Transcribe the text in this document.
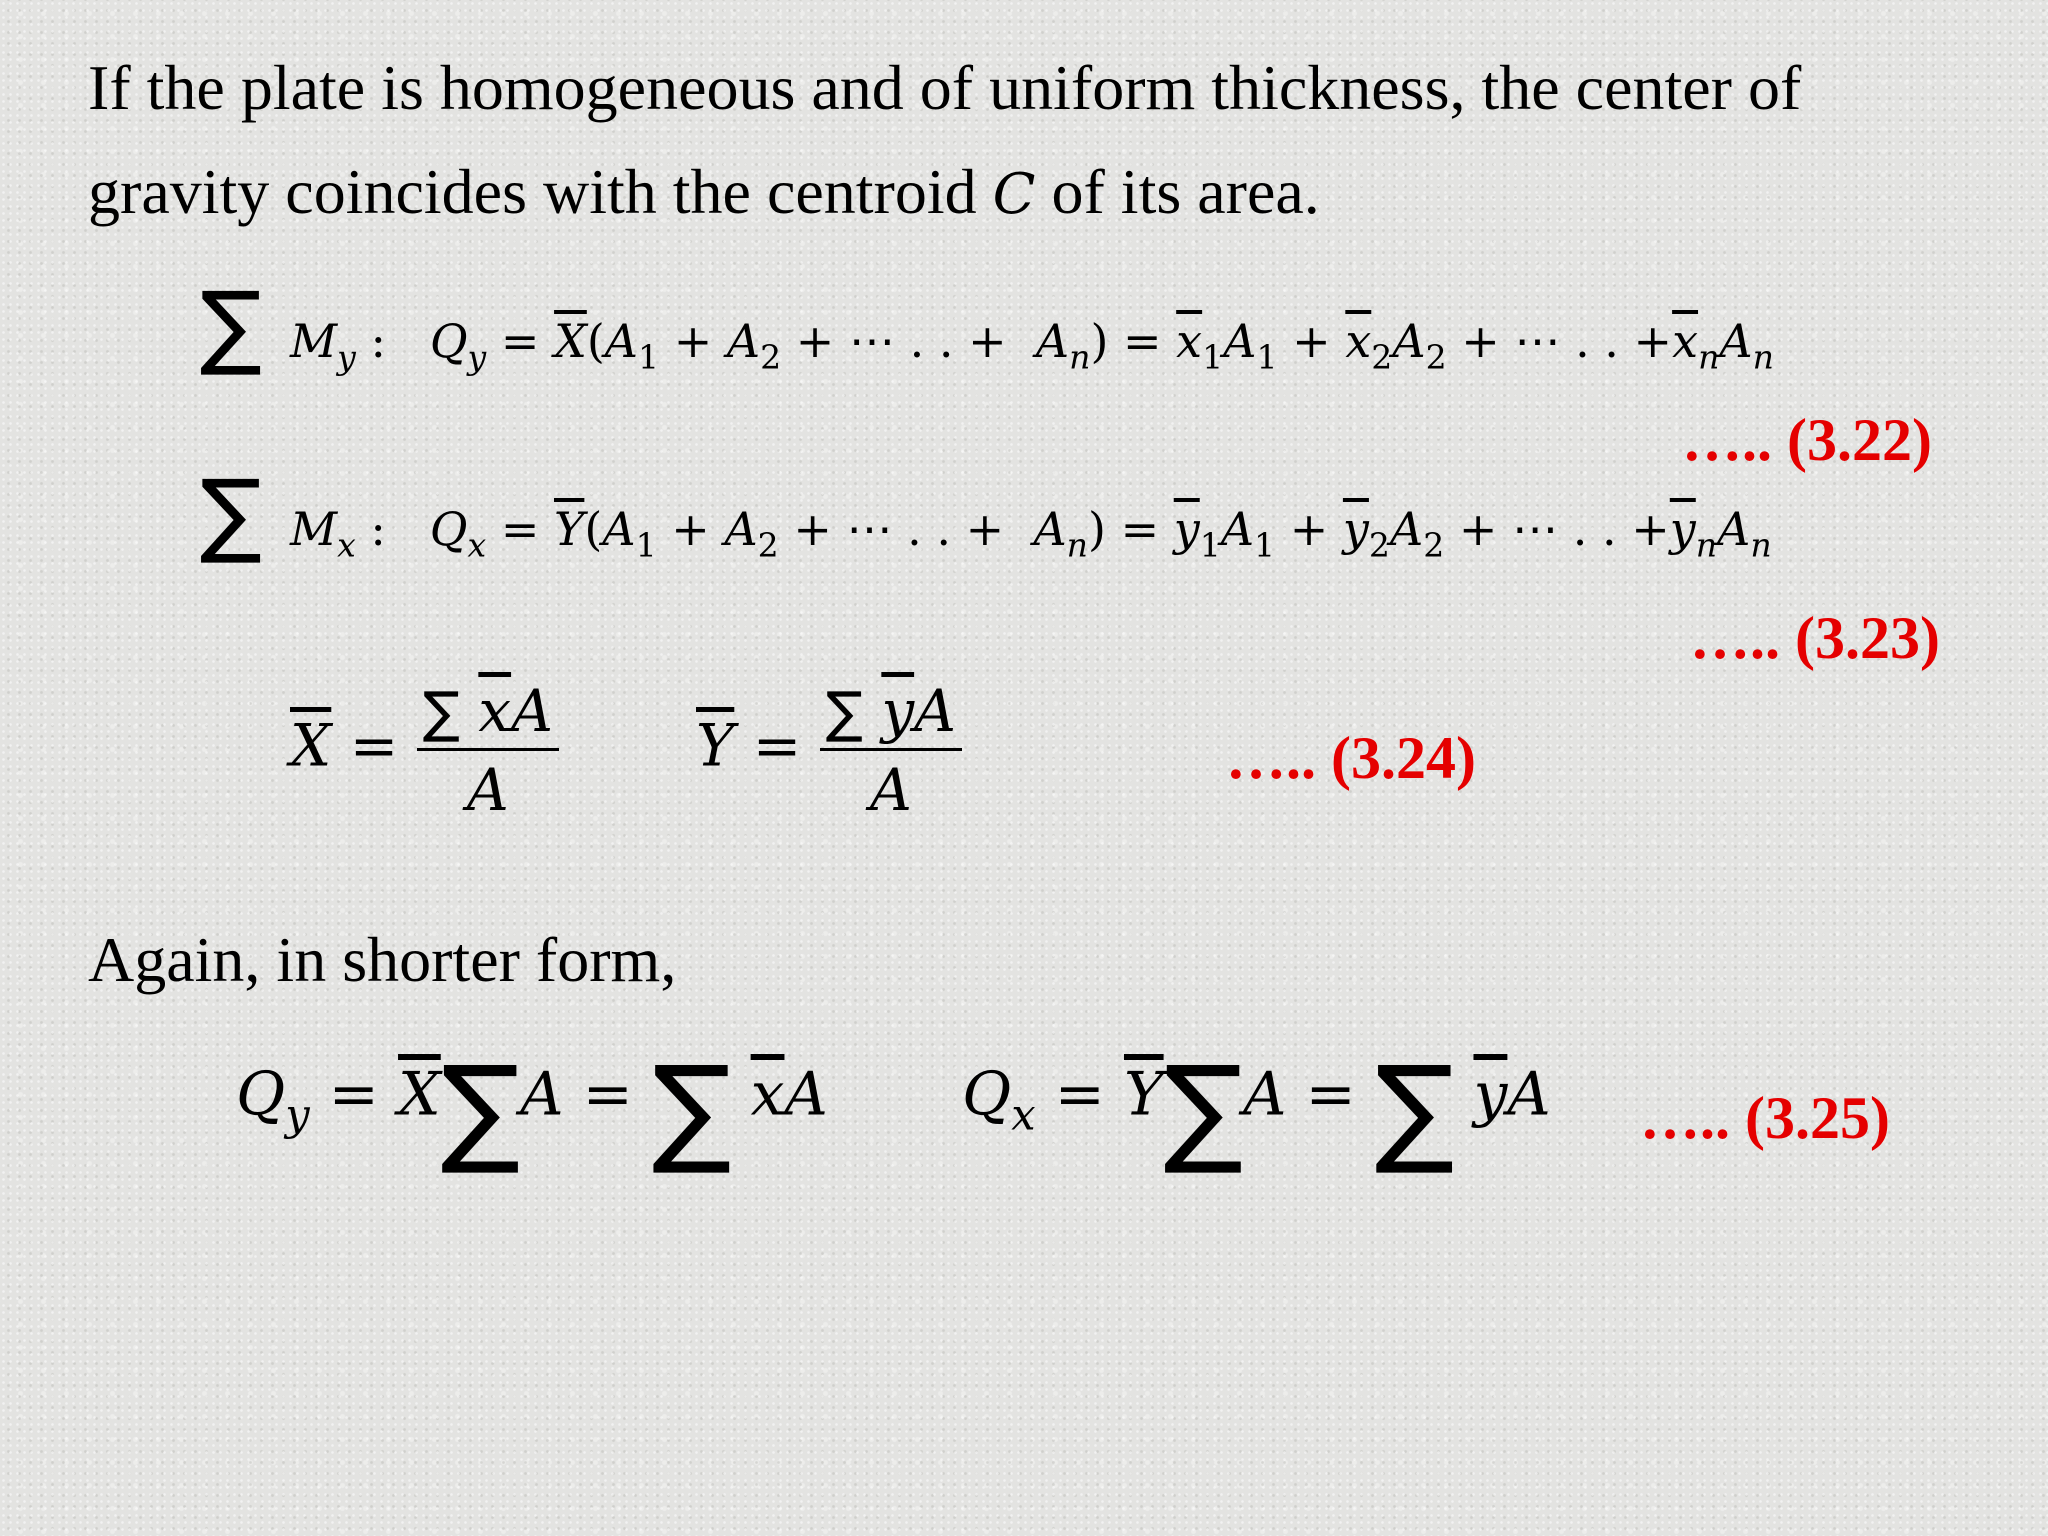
If the plate is homogeneous and of uniform thickness, the center of
gravity coincides with the centroid C of its area.
∑ $M_y$ :   $Q_y = \overline{X}(A_1 + A_2$ + ⋯ . . +  $A_n) = \overline{x}_1A_1 + \overline{x}_2A_2$ + ⋯ . . $+\overline{x}_nA_n$
….. (3.22)
∑ $M_x$ :   $Q_x = \overline{Y}(A_1 + A_2$ + ⋯ . . +  $A_n) = \overline{y}_1A_1 + \overline{y}_2A_2$ + ⋯ . . $+\overline{y}_nA_n$
….. (3.23)
$\overline{X} = \frac{\sum \overline{x}A}{A} \overline{Y} = \frac{\sum \overline{y}A}{A}$	….. (3.24)
Again, in shorter form,
$Q_y = \overline{X}\sum A$ = ∑ $\overline{x}A$ $Q_x = \overline{Y}\sum A$ = ∑ $\overline{y}A$ ….. (3.25)
